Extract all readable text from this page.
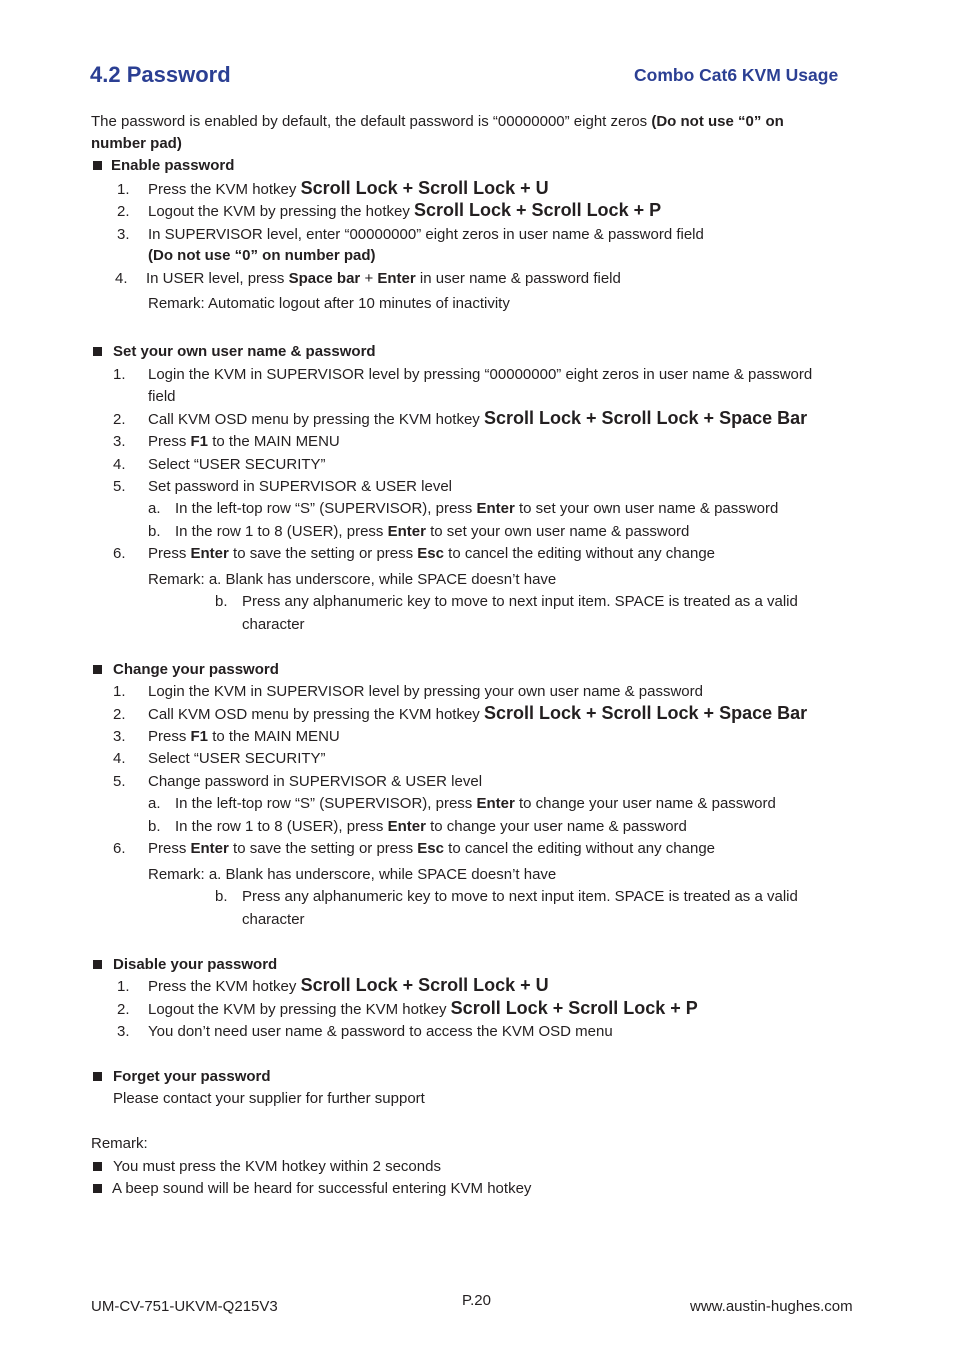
4.2 Password	Combo Cat6 KVM Usage
The password is enabled by default, the default password is “00000000” eight zeros (Do not use “0” on
number pad)
Enable password
1. Press the KVM hotkey Scroll Lock + Scroll Lock + U
2. Logout the KVM by pressing the hotkey Scroll Lock + Scroll Lock + P
3. In SUPERVISOR level, enter “00000000” eight zeros in user name & password field
(Do not use “0” on number pad)
4. In USER level, press Space bar + Enter in user name & password field
Remark: Automatic logout after 10 minutes of inactivity
Set your own user name & password
1. Login the KVM in SUPERVISOR level by pressing “00000000” eight zeros in user name & password
field
2. Call KVM OSD menu by pressing the KVM hotkey Scroll Lock + Scroll Lock + Space Bar
3. Press F1 to the MAIN MENU
4. Select “USER SECURITY”
5. Set password in SUPERVISOR & USER level
a. In the left-top row “S” (SUPERVISOR), press Enter to set your own user name & password
b. In the row 1 to 8 (USER), press Enter to set your own user name & password
6. Press Enter to save the setting or press Esc to cancel the editing without any change
Remark: a. Blank has underscore, while SPACE doesn’t have
b. Press any alphanumeric key to move to next input item. SPACE is treated as a valid
character
Change your password
1. Login the KVM in SUPERVISOR level by pressing your own user name & password
2. Call KVM OSD menu by pressing the KVM hotkey Scroll Lock + Scroll Lock + Space Bar
3. Press F1 to the MAIN MENU
4. Select “USER SECURITY”
5. Change password in SUPERVISOR & USER level
a. In the left-top row “S” (SUPERVISOR), press Enter to change your user name & password
b. In the row 1 to 8 (USER), press Enter to change your user name & password
6. Press Enter to save the setting or press Esc to cancel the editing without any change
Remark: a. Blank has underscore, while SPACE doesn’t have
b. Press any alphanumeric key to move to next input item. SPACE is treated as a valid
character
Disable your password
1. Press the KVM hotkey Scroll Lock + Scroll Lock + U
2. Logout the KVM by pressing the KVM hotkey Scroll Lock + Scroll Lock + P
3. You don’t need user name & password to access the KVM OSD menu
Forget your password
Please contact your supplier for further support
Remark:
You must press the KVM hotkey within 2 seconds
A beep sound will be heard for successful entering KVM hotkey
UM-CV-751-UKVM-Q215V3	P.20	www.austin-hughes.com
